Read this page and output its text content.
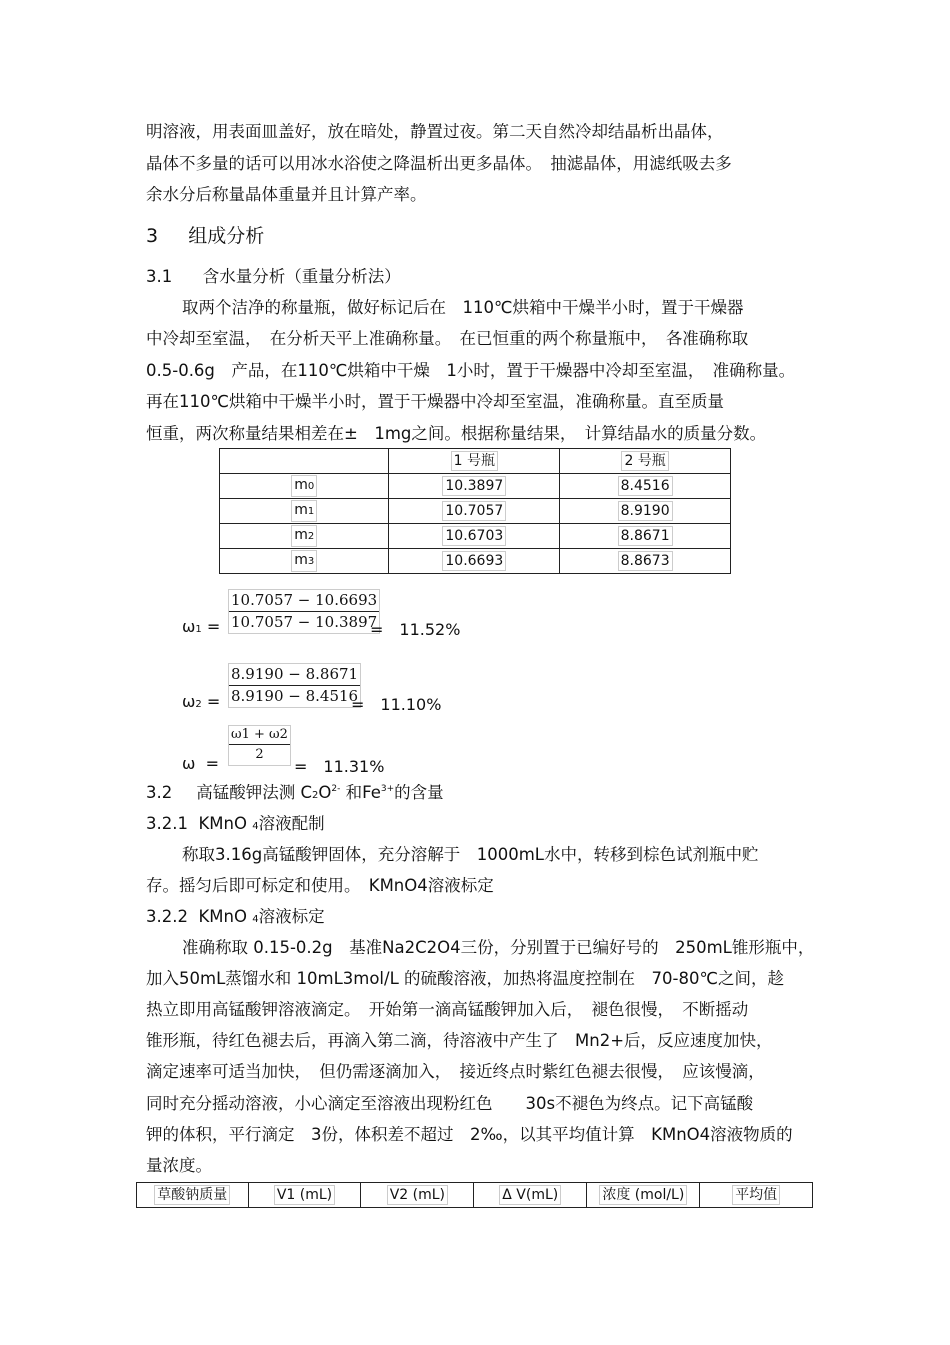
明溶液，用表面皿盖好，放在暗处，静置过夜。第二天自然冷却结晶析出晶体，
晶体不多量的话可以用冰水浴使之降温析出更多晶体。　抽滤晶体，用滤纸吸去多
余水分后称量晶体重量并且计算产率。
3 组成分析
3.1 含水量分析（重量分析法）
取两个洁净的称量瓶，做好标记后在　110℃烘箱中干燥半小时，置于干燥器
中冷却至室温，　在分析天平上准确称量。　在已恒重的两个称量瓶中，　各准确称取
0.5-0.6g　产品，在110℃烘箱中干燥　1小时，置于干燥器中冷却至室温，　准确称量。
再在110℃烘箱中干燥半小时，置于干燥器中冷却至室温，准确称量。直至质量
恒重，两次称量结果相差在±　1mg之间。根据称量结果，　计算结晶水的质量分数。
	1 号瓶	2 号瓶
m0	10.3897	8.4516
m1	10.7057	8.9190
m2	10.6703	8.8671
m3	10.6693	8.8673
$\omega 1 = \frac{10.7057 - 10.6693}{10.7057 - 10.3897}$
=　11.52%
$\omega 2 = \frac{8.9190 - 8.8671}{8.9190 - 8.4516}$
=　11.10%
$\omega = \frac{\omega 1 + \omega 2}{2}$
=　11.31%
3.2 高锰酸钾法测 $C2O^{2-}$ 和$Fe^{3+}$的含量
3.2.1 KMnO 4溶液配制
称取3.16g高锰酸钾固体，充分溶解于　1000mL水中，转移到棕色试剂瓶中贮
存。摇匀后即可标定和使用。　KMnO4溶液标定
3.2.2 KMnO 4溶液标定
准确称取 0.15-0.2g　基准Na2C2O4三份，分别置于已编好号的　250mL锥形瓶中，
加入50mL蒸馏水和 10mL3mol/L 的硫酸溶液，加热将温度控制在　70-80℃之间，趁
热立即用高锰酸钾溶液滴定。　开始第一滴高锰酸钾加入后，　褪色很慢，　不断摇动
锥形瓶，待红色褪去后，再滴入第二滴，待溶液中产生了　Mn2+后，反应速度加快，
滴定速率可适当加快，　但仍需逐滴加入，　接近终点时紫红色褪去很慢，　应该慢滴，
同时充分摇动溶液，小心滴定至溶液出现粉红色　　30s不褪色为终点。记下高锰酸
钾的体积，平行滴定　3份，体积差不超过　2‰，以其平均值计算　KMnO4溶液物质的
量浓度。
草酸钠质量	V1 (mL)	V2 (mL)	Δ V(mL)	浓度 (mol/L)	平均值
